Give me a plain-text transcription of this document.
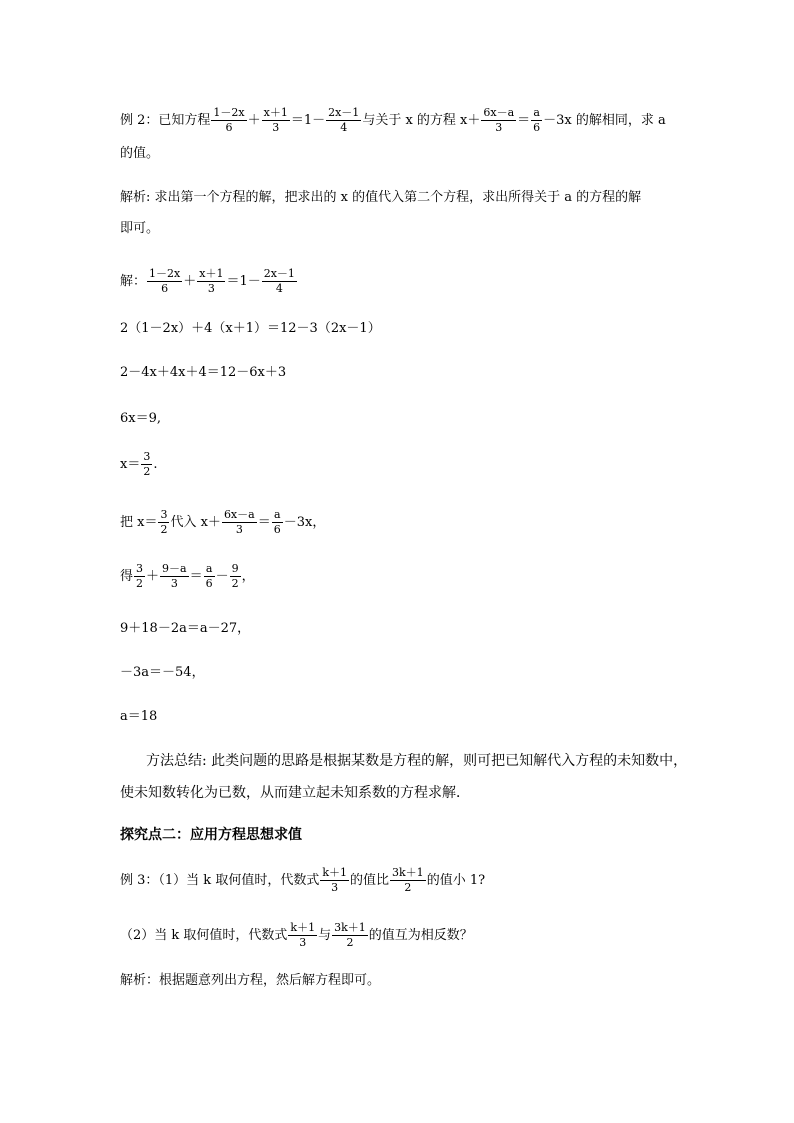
例 2：已知方程 $\frac{1-2x}{6} + \frac{x+1}{3} =1- \frac{2x-1}{4}$ 与关于 x 的方程 $x+ \frac{6x-a}{3} = \frac{a}{6} -3x$ 的解相同，求 a
的值。
解析: 求出第一个方程的解，把求出的 x 的值代入第二个方程，求出所得关于 a 的方程的解
即可。
解： $\frac{1-2x}{6} + \frac{x+1}{3} =1- \frac{2x-1}{4}$
2（1－2x）＋4（x＋1）＝12－3（2x－1）
2－4x＋4x＋4＝12－6x＋3
6x＝9,
$x= \frac{3}{2}$ .
把 $x= \frac{3}{2}$ 代入 $x+ \frac{6x-a}{3} = \frac{a}{6} -3x$，
得 $\frac{3}{2} + \frac{9-a}{3} = \frac{a}{6} - \frac{9}{2}$ ，
9＋18－2a＝a－27，
－3a＝－54，
a＝18
方法总结: 此类问题的思路是根据某数是方程的解，则可把已知解代入方程的未知数中，
使未知数转化为已数，从而建立起未知系数的方程求解．
探究点二：应用方程思想求值
例 3：（1）当 k 取何值时，代数式 $\frac{k+1}{3}$ 的值比 $\frac{3k+1}{2}$ 的值小 1?
（2）当 k 取何值时，代数式 $\frac{k+1}{3}$ 与 $\frac{3k+1}{2}$ 的值互为相反数？
解析：根据题意列出方程，然后解方程即可。
